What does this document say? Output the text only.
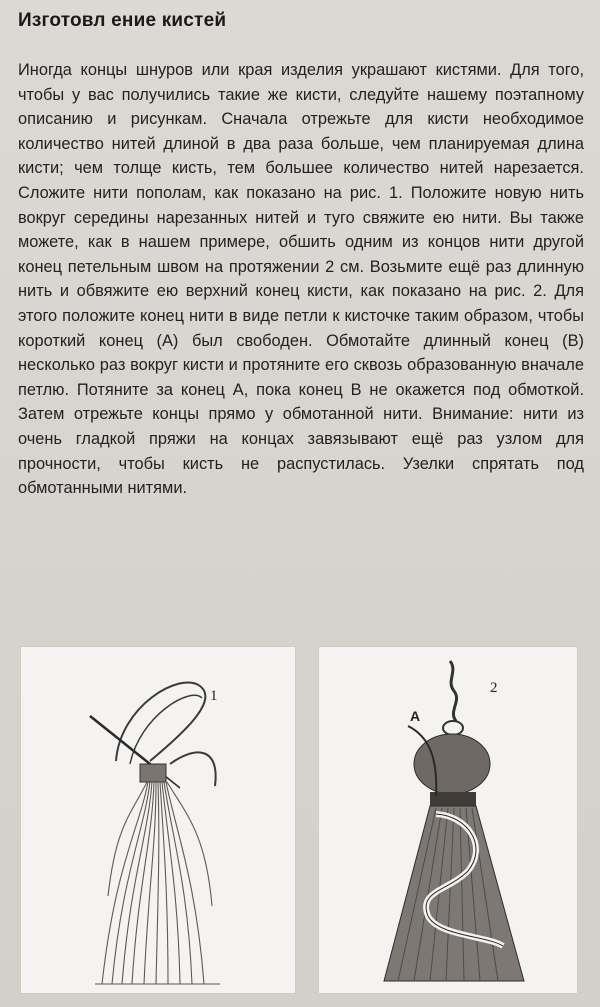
Изготовл ение кистей
Иногда концы шнуров или края изделия украшают кистями. Для того, чтобы у вас получились такие же кисти, следуйте нашему поэтапному описанию и рисункам. Сначала отрежьте для кисти необходимое количество нитей длиной в два раза больше, чем планируемая длина кисти; чем толще кисть, тем большее количество нитей нарезается. Сложите нити пополам, как показано на рис. 1. Положите новую нить вокруг середины нарезанных нитей и туго свяжите ею нити. Вы также можете, как в нашем примере, обшить одним из концов нити другой конец петельным швом на протяжении 2 см. Возьмите ещё раз длинную нить и обвяжите ею верхний конец кисти, как показано на рис. 2. Для этого положите конец нити в виде петли к кисточке таким образом, чтобы короткий конец (А) был свободен. Обмотайте длинный конец (В) несколько раз вокруг кисти и протяните его сквозь образованную вначале петлю. Потяните за конец А, пока конец В не окажется под обмоткой. Затем отрежьте концы прямо у обмотанной нити. Внимание: нити из очень гладкой пряжи на концах завязывают ещё раз узлом для прочности, чтобы кисть не распустилась. Узелки спрятать под обмотанными нитями.
1	2
A
